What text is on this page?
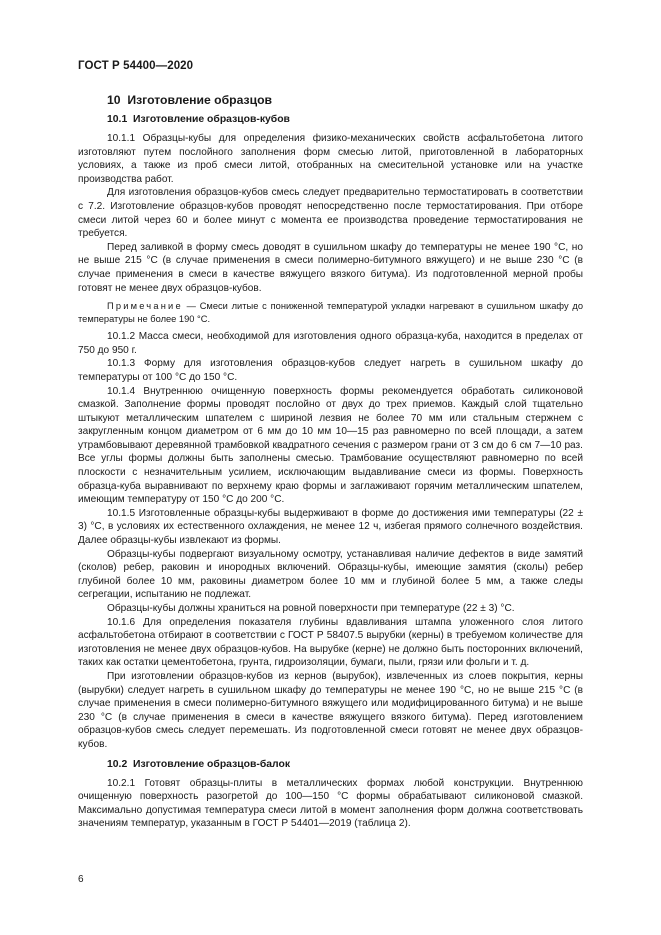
ГОСТ Р 54400—2020
10 Изготовление образцов
10.1 Изготовление образцов-кубов

10.1.1 Образцы-кубы для определения физико-механических свойств асфальтобетона литого изготовляют путем послойного заполнения форм смесью литой, приготовленной в лабораторных условиях, а также из проб смеси литой, отобранных на смесительной установке или на участке производства работ.

Для изготовления образцов-кубов смесь следует предварительно термостатировать в соответствии с 7.2. Изготовление образцов-кубов проводят непосредственно после термостатирования. При отборе смеси литой через 60 и более минут с момента ее производства проведение термостатирования не требуется.

Перед заливкой в форму смесь доводят в сушильном шкафу до температуры не менее 190 °C, но не выше 215 °C (в случае применения в смеси полимерно-битумного вяжущего) и не выше 230 °C (в случае применения в смеси в качестве вяжущего вязкого битума). Из подготовленной мерной пробы готовят не менее двух образцов-кубов.

Примечание — Смеси литые с пониженной температурой укладки нагревают в сушильном шкафу до температуры не более 190 °C.

10.1.2 Масса смеси, необходимой для изготовления одного образца-куба, находится в пределах от 750 до 950 г.

10.1.3 Форму для изготовления образцов-кубов следует нагреть в сушильном шкафу до температуры от 100 °C до 150 °C.

10.1.4 Внутреннюю очищенную поверхность формы рекомендуется обработать силиконовой смазкой. Заполнение формы проводят послойно от двух до трех приемов. Каждый слой тщательно штыкуют металлическим шпателем с шириной лезвия не более 70 мм или стальным стержнем с закругленным концом диаметром от 6 мм до 10 мм 10—15 раз равномерно по всей площади, а затем утрамбовывают деревянной трамбовкой квадратного сечения с размером грани от 3 см до 6 см 7—10 раз. Все углы формы должны быть заполнены смесью. Трамбование осуществляют равномерно по всей плоскости с незначительным усилием, исключающим выдавливание смеси из формы. Поверхность образца-куба выравнивают по верхнему краю формы и заглаживают горячим металлическим шпателем, имеющим температуру от 150 °C до 200 °C.

10.1.5 Изготовленные образцы-кубы выдерживают в форме до достижения ими температуры (22 ± 3) °C, в условиях их естественного охлаждения, не менее 12 ч, избегая прямого солнечного воздействия. Далее образцы-кубы извлекают из формы.

Образцы-кубы подвергают визуальному осмотру, устанавливая наличие дефектов в виде замятий (сколов) ребер, раковин и инородных включений. Образцы-кубы, имеющие замятия (сколы) ребер глубиной более 10 мм, раковины диаметром более 10 мм и глубиной более 5 мм, а также следы сегрегации, испытанию не подлежат.

Образцы-кубы должны храниться на ровной поверхности при температуре (22 ± 3) °C.

10.1.6 Для определения показателя глубины вдавливания штампа уложенного слоя литого асфальтобетона отбирают в соответствии с ГОСТ Р 58407.5 вырубки (керны) в требуемом количестве для изготовления не менее двух образцов-кубов. На вырубке (керне) не должно быть посторонних включений, таких как остатки цементобетона, грунта, гидроизоляции, бумаги, пыли, грязи или фольги и т. д.

При изготовлении образцов-кубов из кернов (вырубок), извлеченных из слоев покрытия, керны (вырубки) следует нагреть в сушильном шкафу до температуры не менее 190 °C, но не выше 215 °C (в случае применения в смеси полимерно-битумного вяжущего или модифицированного битума) и не выше 230 °C (в случае применения в смеси в качестве вяжущего вязкого битума). Перед изготовлением образцов-кубов смесь следует перемешать. Из подготовленной смеси готовят не менее двух образцов-кубов.

10.2 Изготовление образцов-балок

10.2.1 Готовят образцы-плиты в металлических формах любой конструкции. Внутреннюю очищенную поверхность разогретой до 100—150 °C формы обрабатывают силиконовой смазкой. Максимально допустимая температура смеси литой в момент заполнения форм должна соответствовать значениям температур, указанным в ГОСТ Р 54401—2019 (таблица 2).

6
